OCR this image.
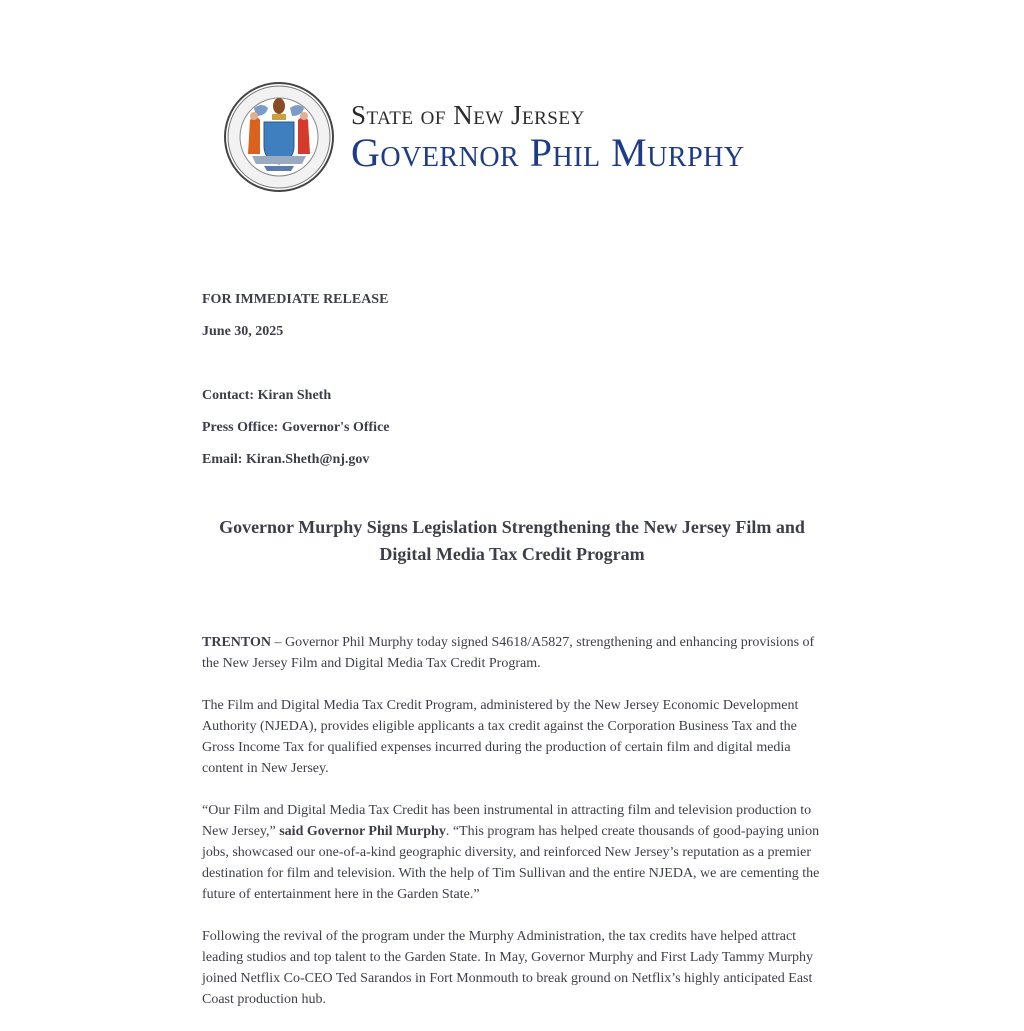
State of New Jersey
Governor Phil Murphy
FOR IMMEDIATE RELEASE
June 30, 2025
Contact: Kiran Sheth
Press Office: Governor's Office
Email: Kiran.Sheth@nj.gov
Governor Murphy Signs Legislation Strengthening the New Jersey Film and
Digital Media Tax Credit Program

TRENTON – Governor Phil Murphy today signed S4618/A5827, strengthening and enhancing provisions of the New Jersey Film and Digital Media Tax Credit Program.

The Film and Digital Media Tax Credit Program, administered by the New Jersey Economic Development Authority (NJEDA), provides eligible applicants a tax credit against the Corporation Business Tax and the Gross Income Tax for qualified expenses incurred during the production of certain film and digital media content in New Jersey.

“Our Film and Digital Media Tax Credit has been instrumental in attracting film and television production to New Jersey,” said Governor Phil Murphy. “This program has helped create thousands of good-paying union jobs, showcased our one-of-a-kind geographic diversity, and reinforced New Jersey’s reputation as a premier destination for film and television. With the help of Tim Sullivan and the entire NJEDA, we are cementing the future of entertainment here in the Garden State.”

Following the revival of the program under the Murphy Administration, the tax credits have helped attract leading studios and top talent to the Garden State. In May, Governor Murphy and First Lady Tammy Murphy joined Netflix Co-CEO Ted Sarandos in Fort Monmouth to break ground on Netflix’s highly anticipated East Coast production hub.
